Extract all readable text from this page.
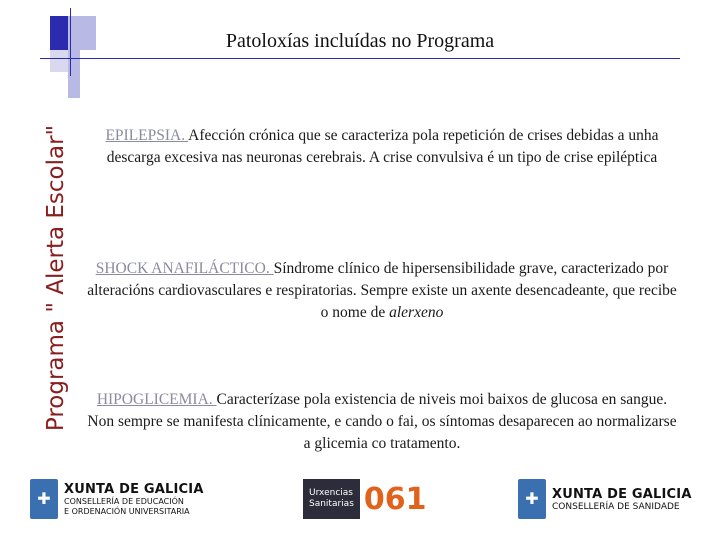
Programa " Alerta Escolar"
Patoloxías incluídas no Programa
EPILEPSIA. Afección crónica que se caracteriza pola repetición de crises debidas a unha descarga excesiva nas neuronas cerebrais. A crise convulsiva é un tipo de crise epiléptica
SHOCK ANAFILÁCTICO. Síndrome clínico de hipersensibilidade grave, caracterizado por alteracións cardiovasculares e respiratorias. Sempre existe un axente desencadeante, que recibe o nome de alerxeno
HIPOGLICEMIA. Caracterízase pola existencia de niveis moi baixos de glucosa en sangue. Non sempre se manifesta clínicamente, e cando o fai, os síntomas desaparecen ao normalizarse a glicemia co tratamento.
✚
XUNTA DE GALICIA
CONSELLERÍA DE EDUCACIÓN
E ORDENACIÓN UNIVERSITARIA
Urxencias
Sanitarias 061	✚	XUNTA DE GALICIA
CONSELLERÍA DE SANIDADE
